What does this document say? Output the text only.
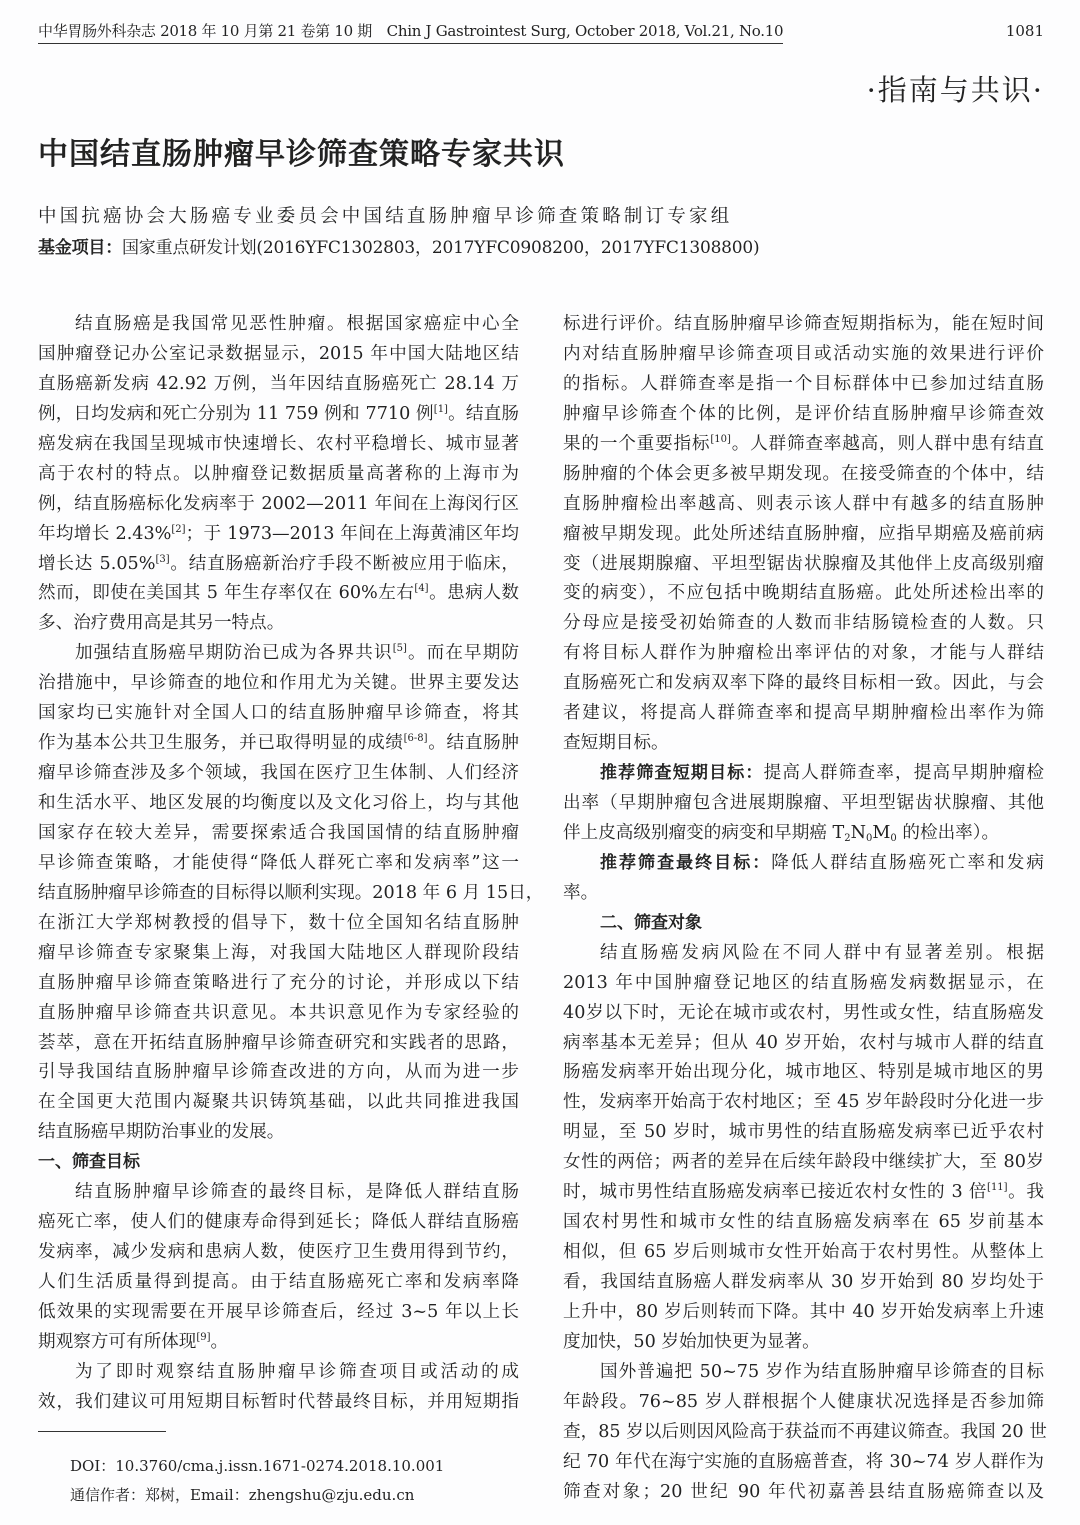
中华胃肠外科杂志 2018 年 10 月第 21 卷第 10 期　Chin J Gastrointest Surg, October 2018, Vol.21, No.10	1081
·指南与共识·
中国结直肠肿瘤早诊筛查策略专家共识
中国抗癌协会大肠癌专业委员会中国结直肠肿瘤早诊筛查策略制订专家组
基金项目：国家重点研发计划(2016YFC1302803，2017YFC0908200，2017YFC1308800)
结直肠癌是我国常见恶性肿瘤。根据国家癌症中心全
国肿瘤登记办公室记录数据显示，2015 年中国大陆地区结
直肠癌新发病 42.92 万例，当年因结直肠癌死亡 28.14 万
例，日均发病和死亡分别为 11 759 例和 7710 例[1]。结直肠
癌发病在我国呈现城市快速增长、农村平稳增长、城市显著
高于农村的特点。以肿瘤登记数据质量高著称的上海市为
例，结直肠癌标化发病率于 2002—2011 年间在上海闵行区
年均增长 2.43%[2]；于 1973—2013 年间在上海黄浦区年均
增长达 5.05%[3]。结直肠癌新治疗手段不断被应用于临床，
然而，即使在美国其 5 年生存率仅在 60%左右[4]。患病人数
多、治疗费用高是其另一特点。
加强结直肠癌早期防治已成为各界共识[5]。而在早期防
治措施中，早诊筛查的地位和作用尤为关键。世界主要发达
国家均已实施针对全国人口的结直肠肿瘤早诊筛查，将其
作为基本公共卫生服务，并已取得明显的成绩[6-8]。结直肠肿
瘤早诊筛查涉及多个领域，我国在医疗卫生体制、人们经济
和生活水平、地区发展的均衡度以及文化习俗上，均与其他
国家存在较大差异，需要探索适合我国国情的结直肠肿瘤
早诊筛查策略，才能使得“降低人群死亡率和发病率”这一
结直肠肿瘤早诊筛查的目标得以顺利实现。2018 年 6 月 15日，
在浙江大学郑树教授的倡导下，数十位全国知名结直肠肿
瘤早诊筛查专家聚集上海，对我国大陆地区人群现阶段结
直肠肿瘤早诊筛查策略进行了充分的讨论，并形成以下结
直肠肿瘤早诊筛查共识意见。本共识意见作为专家经验的
荟萃，意在开拓结直肠肿瘤早诊筛查研究和实践者的思路，
引导我国结直肠肿瘤早诊筛查改进的方向，从而为进一步
在全国更大范围内凝聚共识铸筑基础，以此共同推进我国
结直肠癌早期防治事业的发展。
一、筛查目标
结直肠肿瘤早诊筛查的最终目标，是降低人群结直肠
癌死亡率，使人们的健康寿命得到延长；降低人群结直肠癌
发病率，减少发病和患病人数，使医疗卫生费用得到节约，
人们生活质量得到提高。由于结直肠癌死亡率和发病率降
低效果的实现需要在开展早诊筛查后，经过 3~5 年以上长
期观察方可有所体现[9]。
为了即时观察结直肠肿瘤早诊筛查项目或活动的成
效，我们建议可用短期目标暂时代替最终目标，并用短期指
标进行评价。结直肠肿瘤早诊筛查短期指标为，能在短时间
内对结直肠肿瘤早诊筛查项目或活动实施的效果进行评价
的指标。人群筛查率是指一个目标群体中已参加过结直肠
肿瘤早诊筛查个体的比例，是评价结直肠肿瘤早诊筛查效
果的一个重要指标[10]。人群筛查率越高，则人群中患有结直
肠肿瘤的个体会更多被早期发现。在接受筛查的个体中，结
直肠肿瘤检出率越高、则表示该人群中有越多的结直肠肿
瘤被早期发现。此处所述结直肠肿瘤，应指早期癌及癌前病
变（进展期腺瘤、平坦型锯齿状腺瘤及其他伴上皮高级别瘤
变的病变），不应包括中晚期结直肠癌。此处所述检出率的
分母应是接受初始筛查的人数而非结肠镜检查的人数。只
有将目标人群作为肿瘤检出率评估的对象，才能与人群结
直肠癌死亡和发病双率下降的最终目标相一致。因此，与会
者建议，将提高人群筛查率和提高早期肿瘤检出率作为筛
查短期目标。
推荐筛查短期目标：提高人群筛查率，提高早期肿瘤检
出率（早期肿瘤包含进展期腺瘤、平坦型锯齿状腺瘤、其他
伴上皮高级别瘤变的病变和早期癌 $T_2N_0M_0$ 的检出率）。
推荐筛查最终目标：降低人群结直肠癌死亡率和发病
率。
二、筛查对象
结直肠癌发病风险在不同人群中有显著差别。根据
2013 年中国肿瘤登记地区的结直肠癌发病数据显示，在
40岁以下时，无论在城市或农村，男性或女性，结直肠癌发
病率基本无差异；但从 40 岁开始，农村与城市人群的结直
肠癌发病率开始出现分化，城市地区、特别是城市地区的男
性，发病率开始高于农村地区；至 45 岁年龄段时分化进一步
明显，至 50 岁时，城市男性的结直肠癌发病率已近乎农村
女性的两倍；两者的差异在后续年龄段中继续扩大，至 80岁
时，城市男性结直肠癌发病率已接近农村女性的 3 倍[11]。我
国农村男性和城市女性的结直肠癌发病率在 65 岁前基本
相似，但 65 岁后则城市女性开始高于农村男性。从整体上
看，我国结直肠癌人群发病率从 30 岁开始到 80 岁均处于
上升中，80 岁后则转而下降。其中 40 岁开始发病率上升速
度加快，50 岁始加快更为显著。
国外普遍把 50~75 岁作为结直肠肿瘤早诊筛查的目标
年龄段。76~85 岁人群根据个人健康状况选择是否参加筛
查，85 岁以后则因风险高于获益而不再建议筛查。我国 20 世
纪 70 年代在海宁实施的直肠癌普查，将 30~74 岁人群作为
筛查对象；20 世纪 90 年代初嘉善县结直肠癌筛查以及
DOI：10.3760/cma.j.issn.1671-0274.2018.10.001
通信作者：郑树，Email：zhengshu@zju.edu.cn
